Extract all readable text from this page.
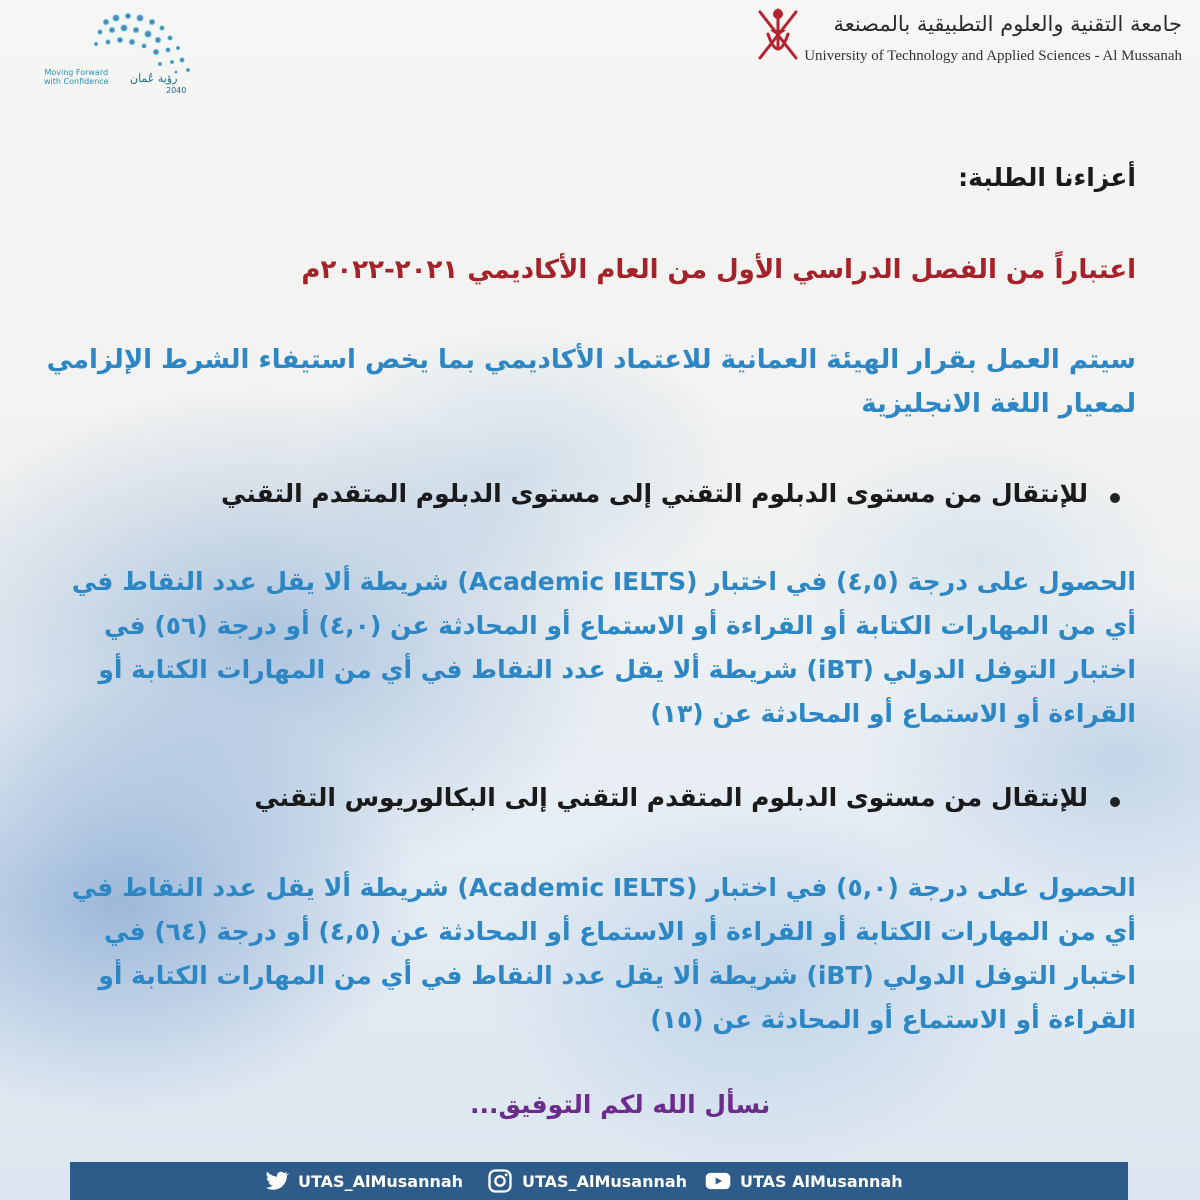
جامعة التقنية والعلوم التطبيقية بالمصنعة
University of Technology and Applied Sciences - Al Mussanah
رؤية عُمان
2040
Moving Forward
with Confidence
أعزاءنا الطلبة:
اعتباراً من الفصل الدراسي الأول من العام الأكاديمي ٢٠٢١-٢٠٢٢م
سيتم العمل بقرار الهيئة العمانية للاعتماد الأكاديمي بما يخص استيفاء الشرط الإلزامي لمعيار اللغة الانجليزية
للإنتقال من مستوى الدبلوم التقني إلى مستوى الدبلوم المتقدم التقني
الحصول على درجة (٤,٥) في اختبار (Academic IELTS) شريطة ألا يقل عدد النقاط في أي من المهارات الكتابة أو القراءة أو الاستماع أو المحادثة عن (٤,٠) أو درجة (٥٦) في اختبار التوفل الدولي (iBT) شريطة ألا يقل عدد النقاط في أي من المهارات الكتابة أو القراءة أو الاستماع أو المحادثة عن (١٣)
للإنتقال من مستوى الدبلوم المتقدم التقني إلى البكالوريوس التقني
الحصول على درجة (٥,٠) في اختبار (Academic IELTS) شريطة ألا يقل عدد النقاط في أي من المهارات الكتابة أو القراءة أو الاستماع أو المحادثة عن (٤,٥) أو درجة (٦٤) في اختبار التوفل الدولي (iBT) شريطة ألا يقل عدد النقاط في أي من المهارات الكتابة أو القراءة أو الاستماع أو المحادثة عن (١٥)
نسأل الله لكم التوفيق...
UTAS_AlMusannah	UTAS_AlMusannah	UTAS AlMusannah
